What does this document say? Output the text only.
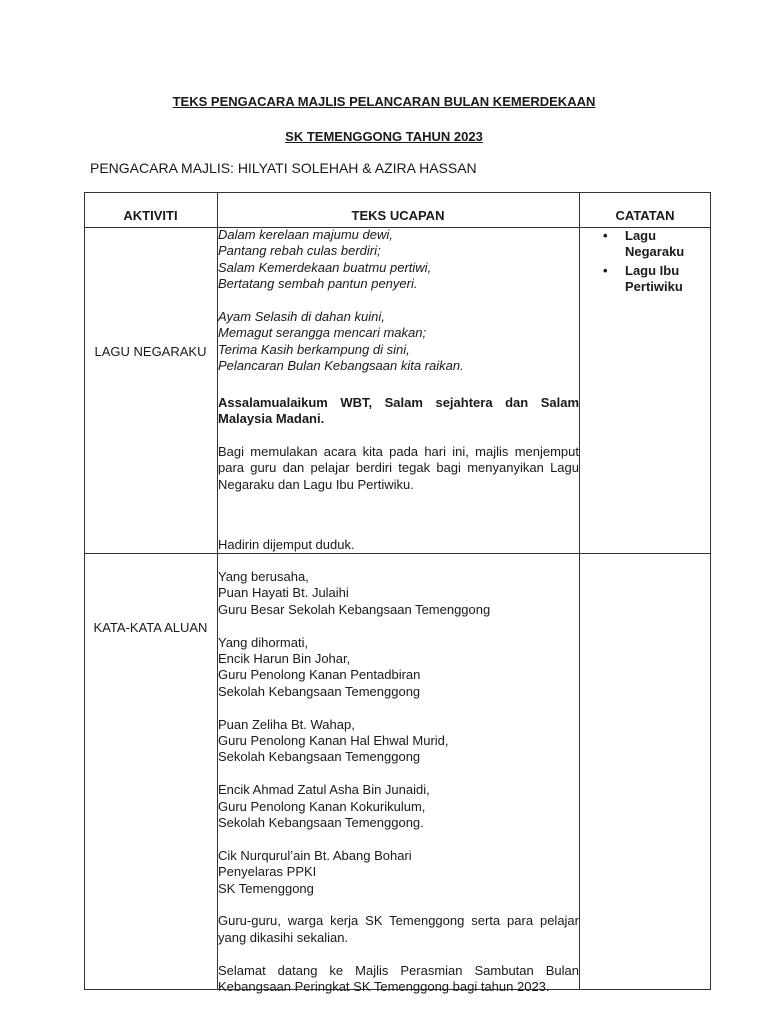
TEKS PENGACARA MAJLIS PELANCARAN BULAN KEMERDEKAAN
SK TEMENGGONG TAHUN 2023
PENGACARA MAJLIS: HILYATI SOLEHAH & AZIRA HASSAN
AKTIVITI	TEKS UCAPAN	CATATAN
LAGU NEGARAKU

Dalam kerelaan majumu dewi,

Pantang rebah culas berdiri;

Salam Kemerdekaan buatmu pertiwi,

Bertatang sembah pantun penyeri.

Ayam Selasih di dahan kuini,

Memagut serangga mencari makan;

Terima Kasih berkampung di sini,

Pelancaran Bulan Kebangsaan kita raikan.

Assalamualaikum WBT, Salam sejahtera dan Salam Malaysia Madani.

Bagi memulakan acara kita pada hari ini, majlis menjemput para guru dan pelajar berdiri tegak bagi menyanyikan Lagu Negaraku dan Lagu Ibu Pertiwiku.

Hadirin dijemput duduk.
• Lagu Negaraku
• Lagu Ibu Pertiwiku
KATA-KATA ALUAN

Yang berusaha,

Puan Hayati Bt. Julaihi

Guru Besar Sekolah Kebangsaan Temenggong

Yang dihormati,

Encik Harun Bin Johar,

Guru Penolong Kanan Pentadbiran

Sekolah Kebangsaan Temenggong

Puan Zeliha Bt. Wahap,

Guru Penolong Kanan Hal Ehwal Murid,

Sekolah Kebangsaan Temenggong

Encik Ahmad Zatul Asha Bin Junaidi,

Guru Penolong Kanan Kokurikulum,

Sekolah Kebangsaan Temenggong.

Cik Nurqurul’ain Bt. Abang Bohari

Penyelaras PPKI

SK Temenggong

Guru-guru, warga kerja SK Temenggong serta para pelajar yang dikasihi sekalian.

Selamat datang ke Majlis Perasmian Sambutan Bulan Kebangsaan Peringkat SK Temenggong bagi tahun 2023.
